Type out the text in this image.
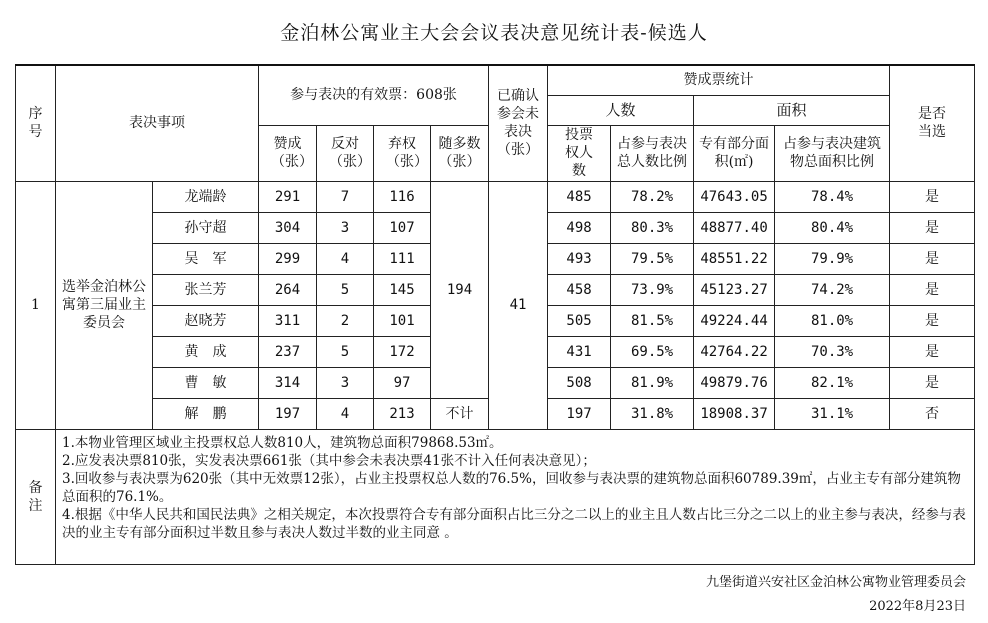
金泊林公寓业主大会会议表决意见统计表-候选人
序号	表决事项		参与表决的有效票：608张				已确认参会未表决（张）	赞成票统计				是否当选
								人数		面积		
			赞成（张）	反对（张）	弃权（张）	随多数（张）		投票权人数	占参与表决总人数比例	专有部分面积(㎡)	占参与表决建筑物总面积比例	
1	选举金泊林公寓第三届业主委员会	龙端龄	291	7	116	194	41	485	78.2%	47643.05	78.4%	是
		孙守超	304	3	107			498	80.3%	48877.40	80.4%	是
		吴　军	299	4	111			493	79.5%	48551.22	79.9%	是
		张兰芳	264	5	145			458	73.9%	45123.27	74.2%	是
		赵晓芳	311	2	101			505	81.5%	49224.44	81.0%	是
		黄　成	237	5	172			431	69.5%	42764.22	70.3%	是
		曹　敏	314	3	97			508	81.9%	49879.76	82.1%	是
		解　鹏	197	4	213	不计		197	31.8%	18908.37	31.1%	否
备注	1.本物业管理区域业主投票权总人数810人，建筑物总面积79868.53㎡。
2.应发表决票810张，实发表决票661张（其中参会未表决票41张不计入任何表决意见）；
3.回收参与表决票为620张（其中无效票12张），占业主投票权总人数的76.5%，回收参与表决票的建筑物总面积60789.39㎡，占业主专有部分建筑物总面积的76.1%。
4.根据《中华人民共和国民法典》之相关规定，本次投票符合专有部分面积占比三分之二以上的业主且人数占比三分之二以上的业主参与表决，经参与表决的业主专有部分面积过半数且参与表决人数过半数的业主同意 。											
九堡街道兴安社区金泊林公寓物业管理委员会
2022年8月23日
